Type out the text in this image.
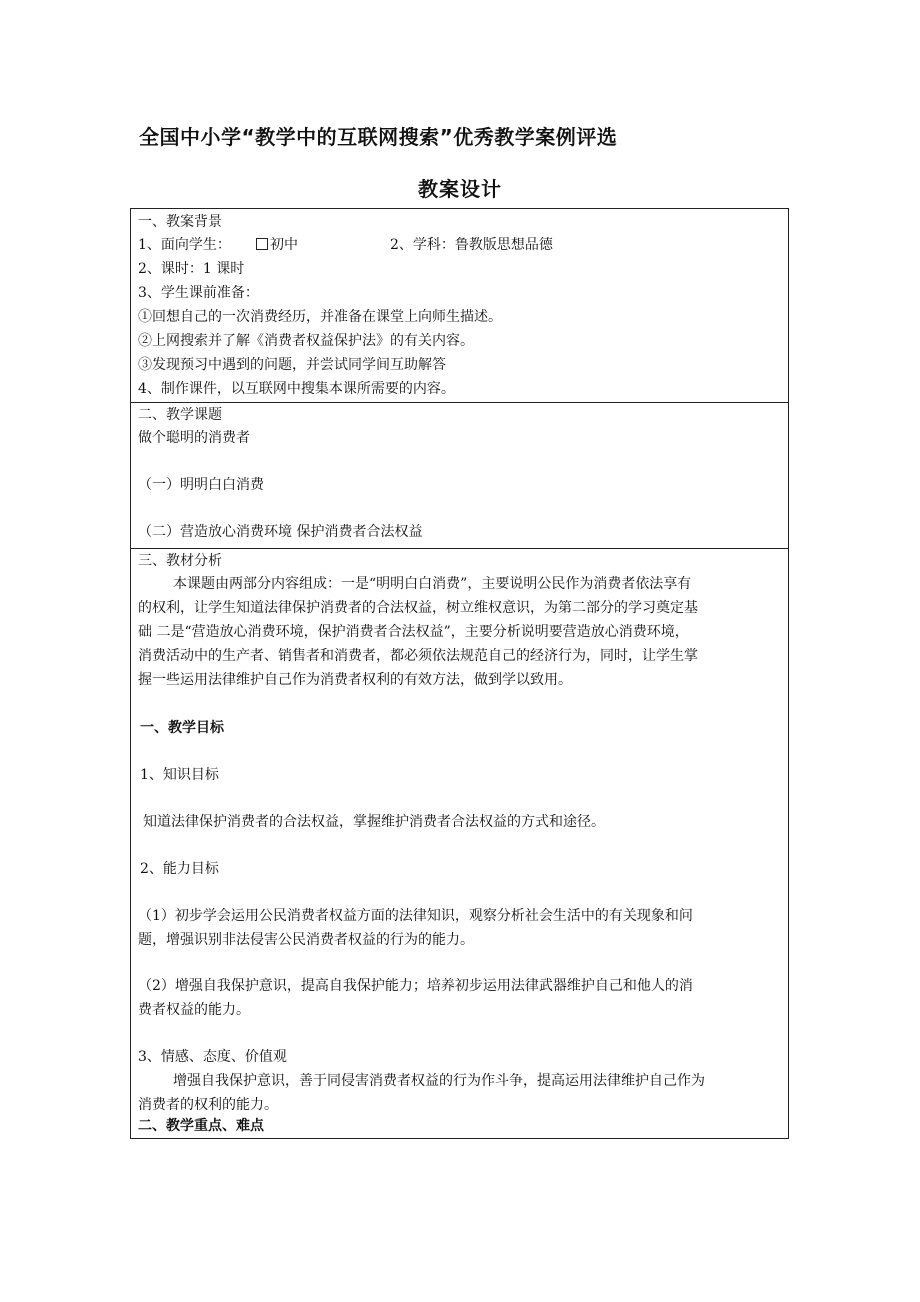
全国中小学“教学中的互联网搜索”优秀教学案例评选
教案设计
一、教案背景
1、面向学生：	初中	2、学科：鲁教版思想品德
2、课时：1 课时
3、学生课前准备：
①回想自己的一次消费经历，并准备在课堂上向师生描述。
②上网搜索并了解《消费者权益保护法》的有关内容。
③发现预习中遇到的问题，并尝试同学间互助解答
4、制作课件，以互联网中搜集本课所需要的内容。
二、教学课题
做个聪明的消费者
（一）明明白白消费
（二）营造放心消费环境 保护消费者合法权益
三、教材分析
本课题由两部分内容组成：一是“明明白白消费”，主要说明公民作为消费者依法享有
的权利，让学生知道法律保护消费者的合法权益，树立维权意识，为第二部分的学习奠定基
础 二是“营造放心消费环境，保护消费者合法权益”，主要分析说明要营造放心消费环境，
消费活动中的生产者、销售者和消费者，都必须依法规范自己的经济行为，同时，让学生掌
握一些运用法律维护自己作为消费者权利的有效方法，做到学以致用。
一、教学目标
1、知识目标
知道法律保护消费者的合法权益，掌握维护消费者合法权益的方式和途径。
2、能力目标
（1）初步学会运用公民消费者权益方面的法律知识，观察分析社会生活中的有关现象和问
题，增强识别非法侵害公民消费者权益的行为的能力。
（2）增强自我保护意识，提高自我保护能力；培养初步运用法律武器维护自己和他人的消
费者权益的能力。
3、情感、态度、价值观
增强自我保护意识，善于同侵害消费者权益的行为作斗争，提高运用法律维护自己作为
消费者的权利的能力。
二、教学重点、难点
